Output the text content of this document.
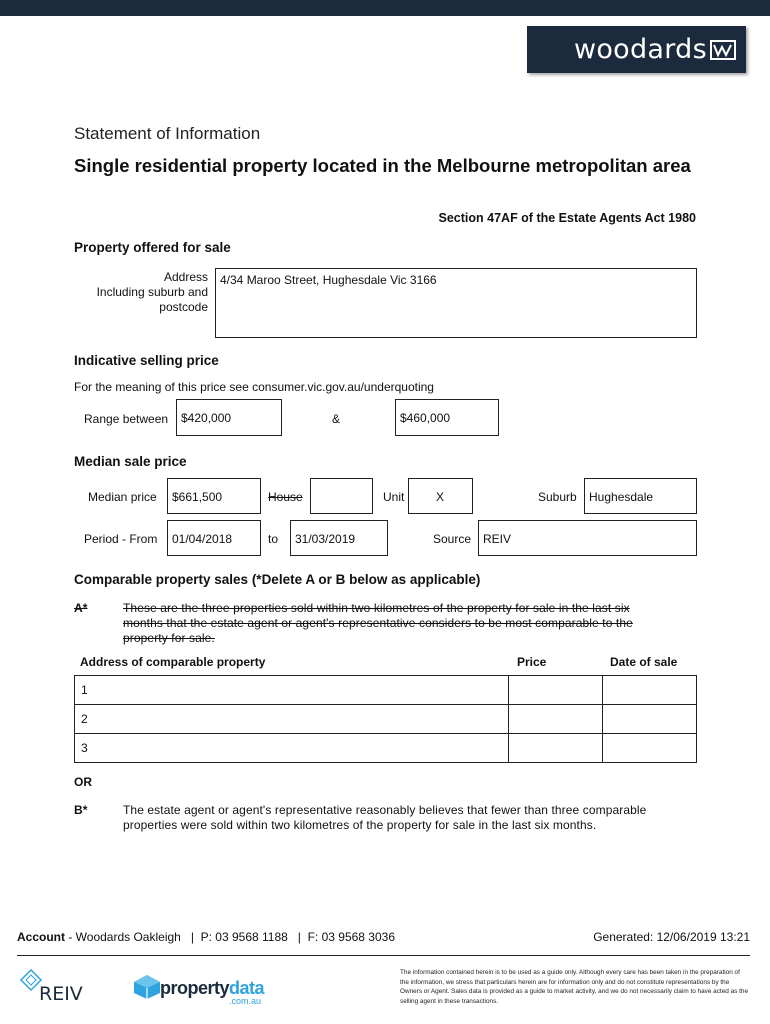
woodards
Statement of Information
Single residential property located in the Melbourne metropolitan area
Section 47AF of the Estate Agents Act 1980
Property offered for sale
Address
Including suburb and
postcode
4/34 Maroo Street, Hughesdale Vic 3166
Indicative selling price
For the meaning of this price see consumer.vic.gov.au/underquoting
Range between	$420,000	&	$460,000
Median sale price
Median price	$661,500	House	Unit	X	Suburb	Hughesdale
Period - From	01/04/2018	to	31/03/2019	Source REIV
Comparable property sales (*Delete A or B below as applicable)
A*	These are the three properties sold within two kilometres of the property for sale in the last six
months that the estate agent or agent's representative considers to be most comparable to the
property for sale.
Address of comparable property	Price	Date of sale
1		
2		
3		
OR
B*	The estate agent or agent's representative reasonably believes that fewer than three comparable
properties were sold within two kilometres of the property for sale in the last six months.
Account - Woodards Oakleigh   |  P: 03 9568 1188   |  F: 03 9568 3036	Generated: 12/06/2019 13:21
REIV	propertydata
.com.au
The information contained herein is to be used as a guide only. Although every care has been taken in the preparation of the information, we stress that particulars herein are for information only and do not constitute representations by the Owners or Agent. Sales data is provided as a guide to market activity, and we do not necessarily claim to have acted as the selling agent in these transactions.
